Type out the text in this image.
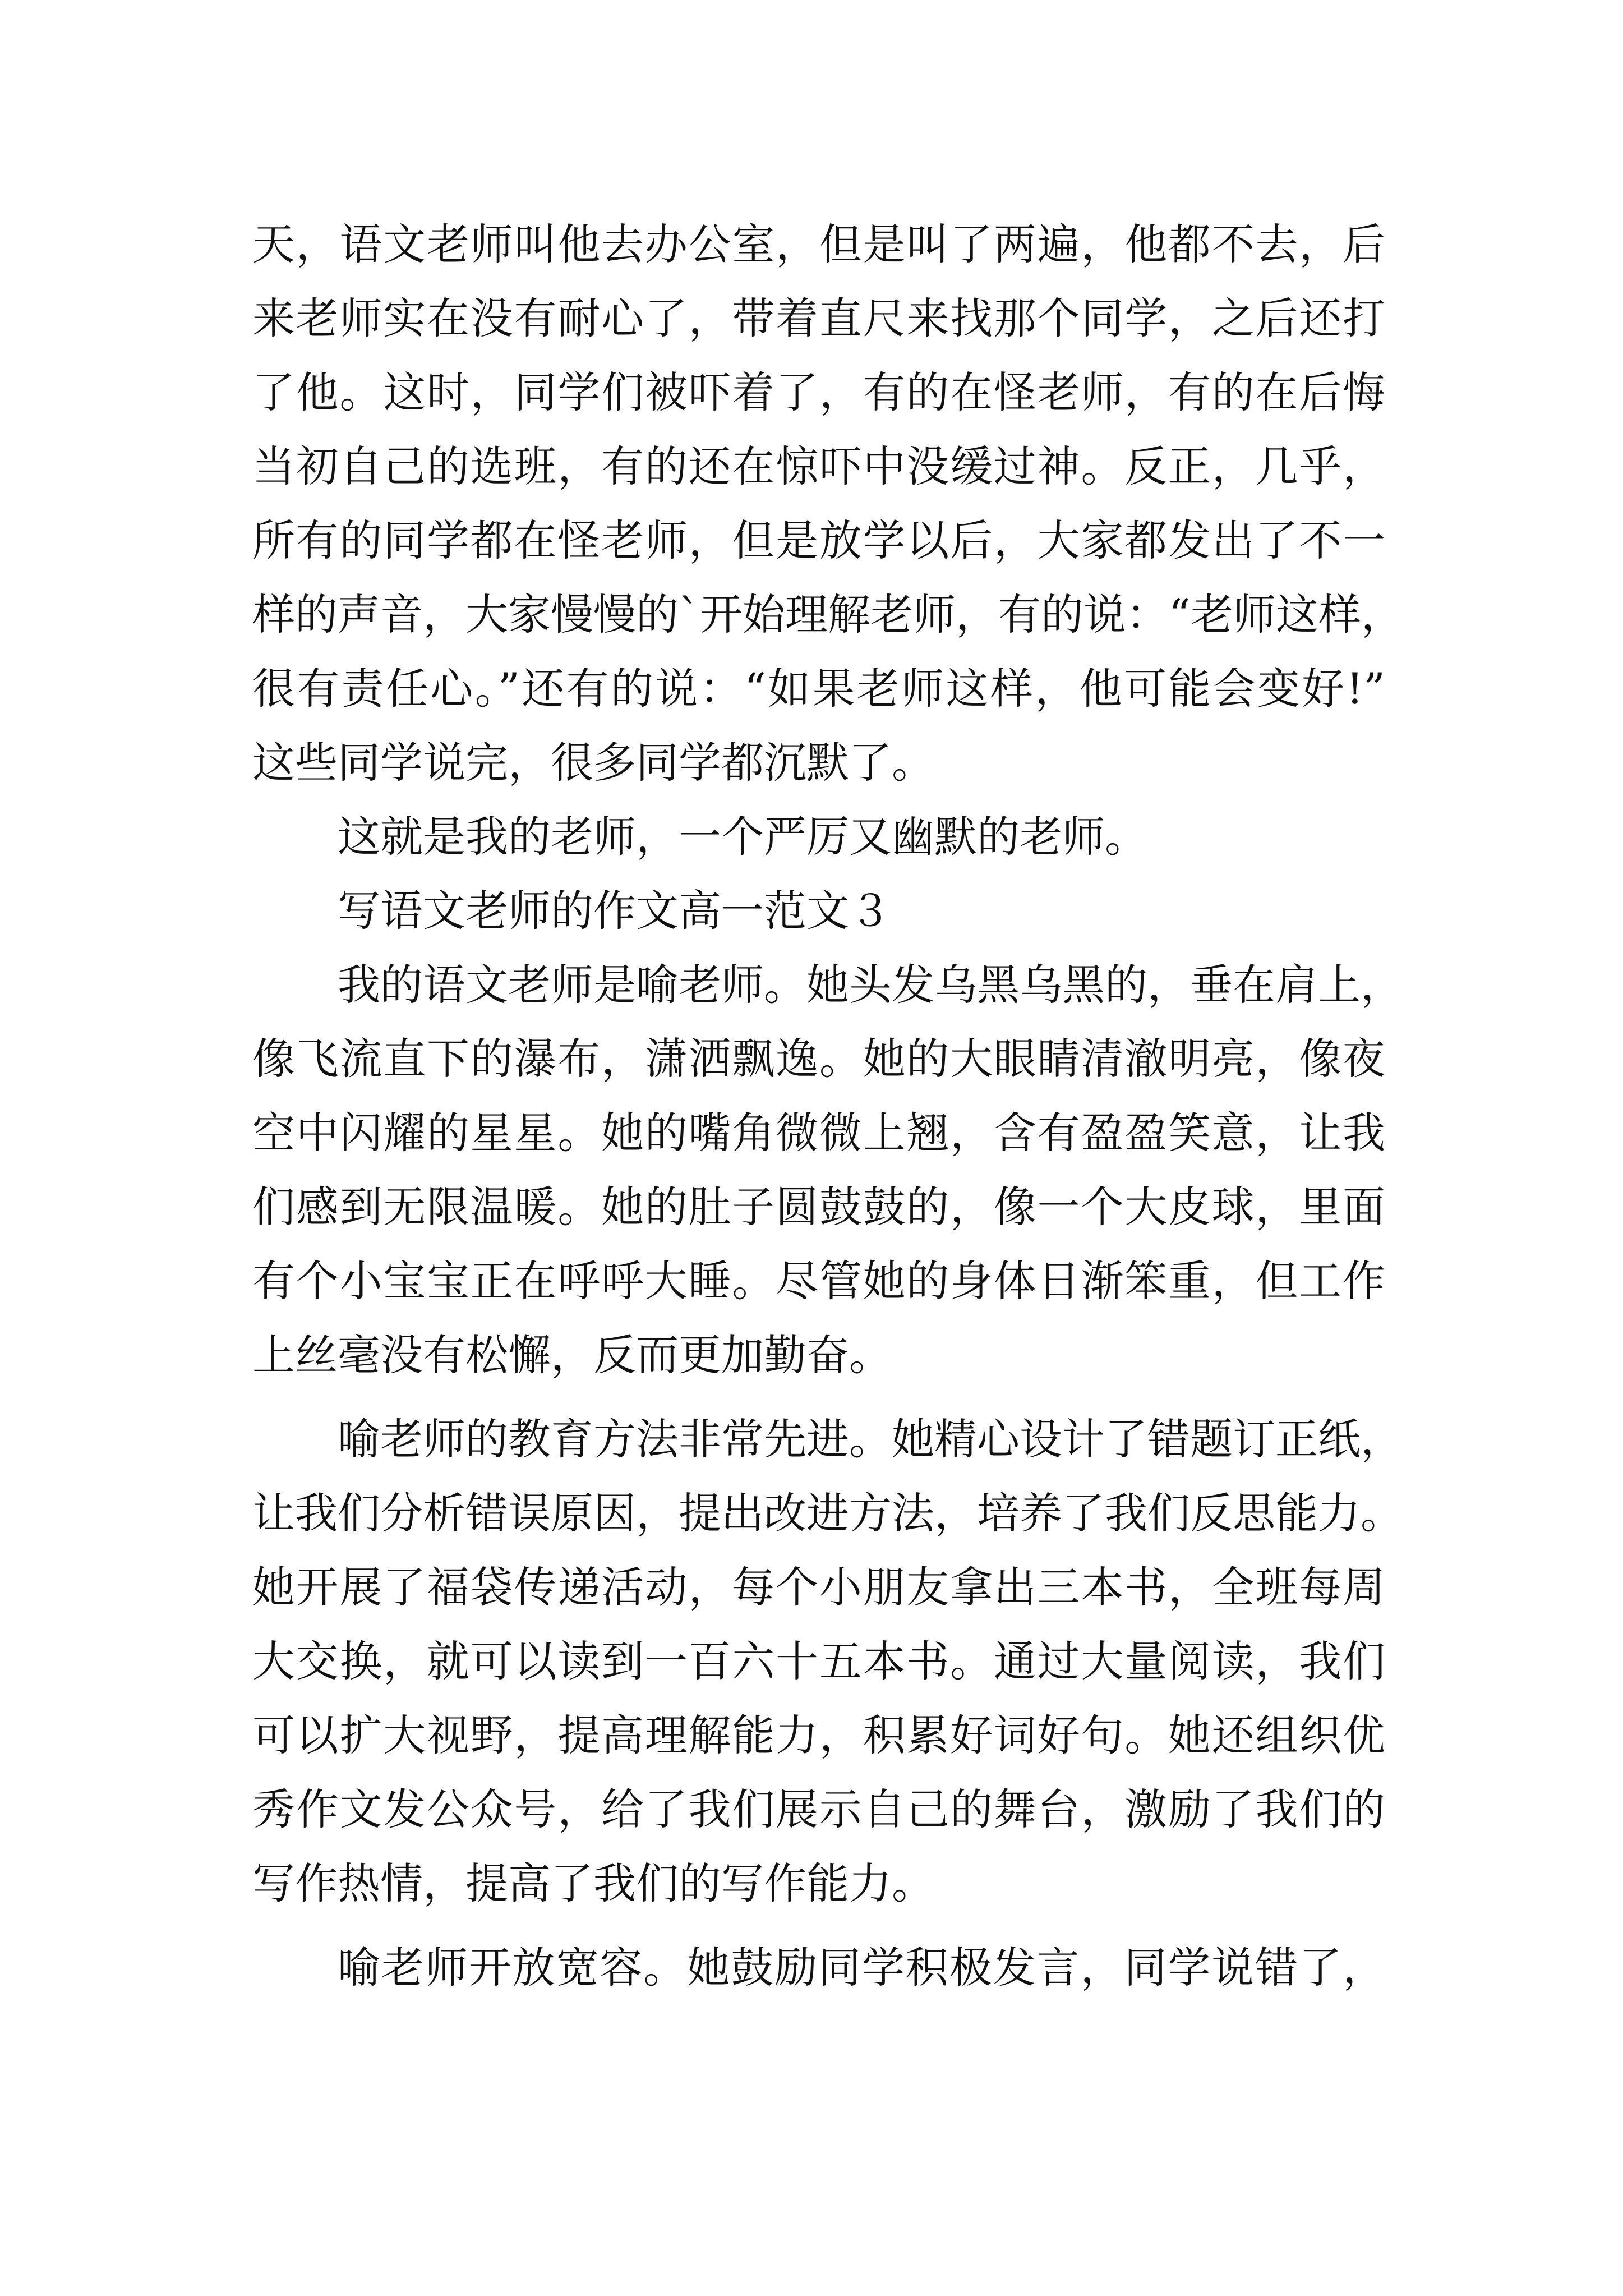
天，语文老师叫他去办公室，但是叫了两遍，他都不去，后
来老师实在没有耐心了，带着直尺来找那个同学，之后还打
了他。这时，同学们被吓着了，有的在怪老师，有的在后悔
当初自己的选班，有的还在惊吓中没缓过神。反正，几乎，
所有的同学都在怪老师，但是放学以后，大家都发出了不一
样的声音，大家慢慢的`开始理解老师，有的说：“老师这样，
很有责任心。”还有的说：“如果老师这样，他可能会变好!”
这些同学说完，很多同学都沉默了。
这就是我的老师，一个严厉又幽默的老师。
写语文老师的作文高一范文３
我的语文老师是喻老师。她头发乌黑乌黑的，垂在肩上，
像飞流直下的瀑布，潇洒飘逸。她的大眼睛清澈明亮，像夜
空中闪耀的星星。她的嘴角微微上翘，含有盈盈笑意，让我
们感到无限温暖。她的肚子圆鼓鼓的，像一个大皮球，里面
有个小宝宝正在呼呼大睡。尽管她的身体日渐笨重，但工作
上丝毫没有松懈，反而更加勤奋。
喻老师的教育方法非常先进。她精心设计了错题订正纸，
让我们分析错误原因，提出改进方法，培养了我们反思能力。
她开展了福袋传递活动，每个小朋友拿出三本书，全班每周
大交换，就可以读到一百六十五本书。通过大量阅读，我们
可以扩大视野，提高理解能力，积累好词好句。她还组织优
秀作文发公众号，给了我们展示自己的舞台，激励了我们的
写作热情，提高了我们的写作能力。
喻老师开放宽容。她鼓励同学积极发言，同学说错了，
